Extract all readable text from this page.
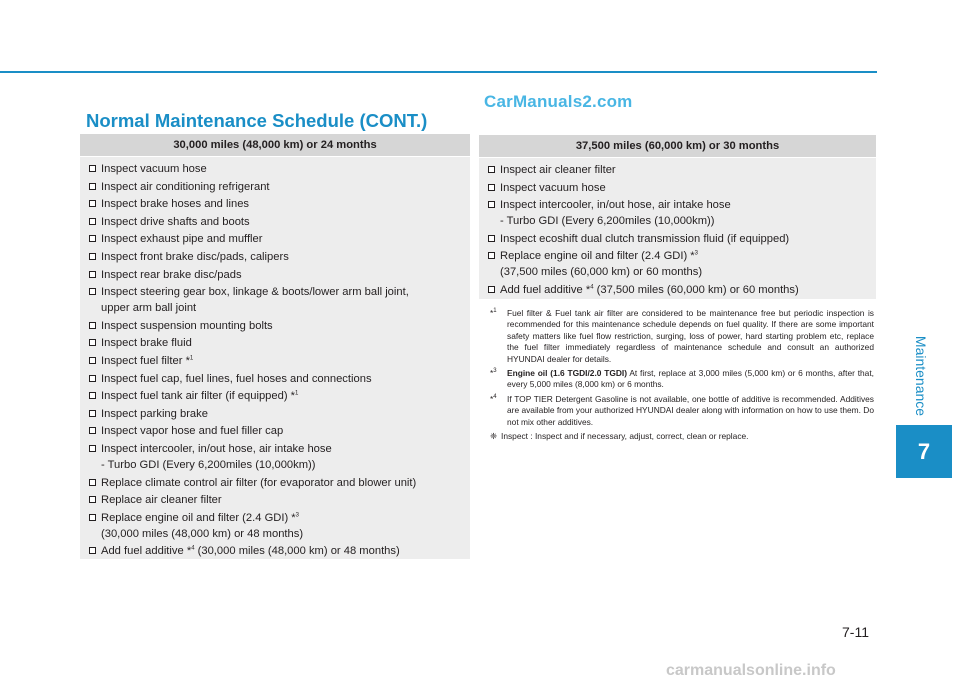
CarManuals2.com
Normal Maintenance Schedule (CONT.)
30,000 miles (48,000 km) or 24 months
Inspect vacuum hose
Inspect air conditioning refrigerant
Inspect brake hoses and lines
Inspect drive shafts and boots
Inspect exhaust pipe and muffler
Inspect front brake disc/pads, calipers
Inspect rear brake disc/pads
Inspect steering gear box, linkage & boots/lower arm ball joint,
upper arm ball joint
Inspect suspension mounting bolts
Inspect brake fluid
Inspect fuel filter *$^1$
Inspect fuel cap, fuel lines, fuel hoses and connections
Inspect fuel tank air filter (if equipped) *$^1$
Inspect parking brake
Inspect vapor hose and fuel filler cap
Inspect intercooler, in/out hose, air intake hose
- Turbo GDI (Every 6,200miles (10,000km))
Replace climate control air filter (for evaporator and blower unit)
Replace air cleaner filter
Replace engine oil and filter (2.4 GDI) *$^3$
(30,000 miles (48,000 km) or 48 months)
Add fuel additive *$^4$ (30,000 miles (48,000 km) or 48 months)
37,500 miles (60,000 km) or 30 months
Inspect air cleaner filter
Inspect vacuum hose
Inspect intercooler, in/out hose, air intake hose
- Turbo GDI (Every 6,200miles (10,000km))
Inspect ecoshift dual clutch transmission fluid (if equipped)
Replace engine oil and filter (2.4 GDI) *$^3$
(37,500 miles (60,000 km) or 60 months)
Add fuel additive *$^4$ (37,500 miles (60,000 km) or 60 months)
*$^1$	Fuel filter & Fuel tank air filter are considered to be maintenance free but periodic inspection is recommended for this maintenance schedule depends on fuel quality. If there are some important safety matters like fuel flow restriction, surging, loss of power, hard starting problem etc, replace the fuel filter immediately regardless of maintenance schedule and consult an authorized HYUNDAI dealer for details.
*$^3$	Engine oil (1.6 TGDI/2.0 TGDI) At first, replace at 3,000 miles (5,000 km) or 6 months, after that, every 5,000 miles (8,000 km) or 6 months.
*$^4$	If TOP TIER Detergent Gasoline is not available, one bottle of additive is recommended. Additives are available from your authorized HYUNDAI dealer along with information on how to use them. Do not mix other additives.
❈ Inspect : Inspect and if necessary, adjust, correct, clean or replace.
Maintenance
7
7-11
carmanualsonline.info
